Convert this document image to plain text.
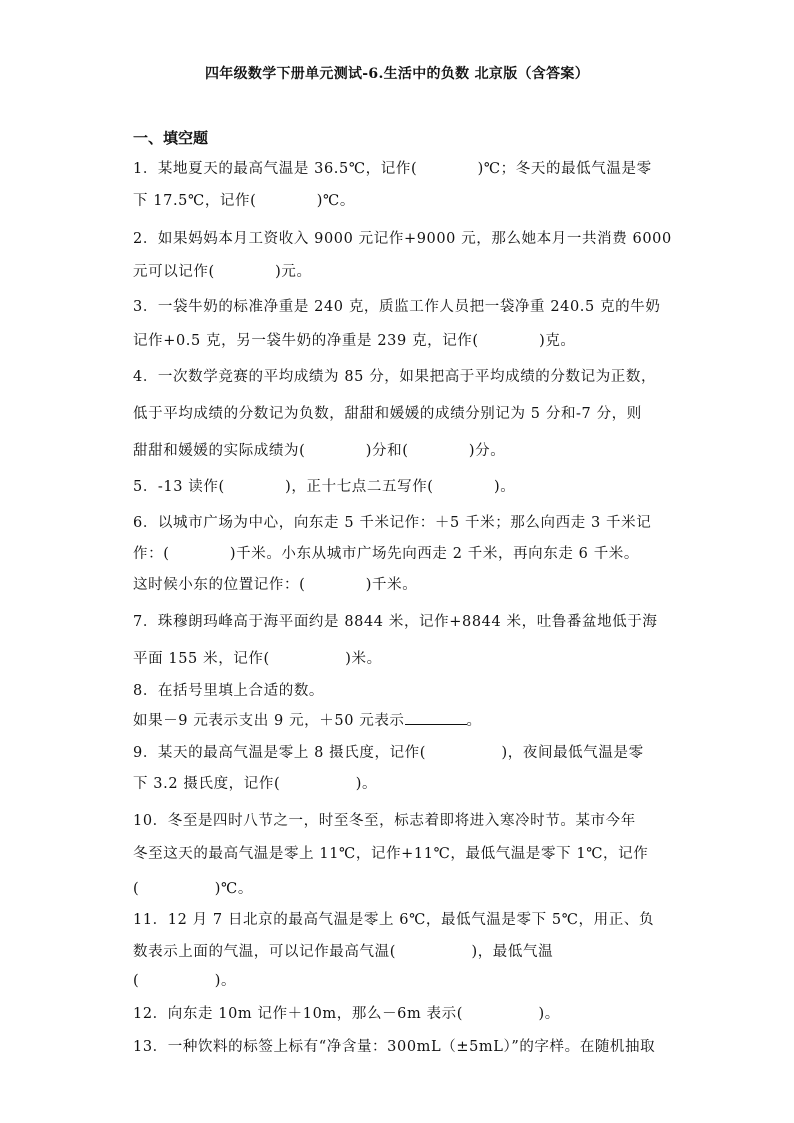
四年级数学下册单元测试-6.生活中的负数 北京版（含答案）
一、填空题
1．某地夏天的最高气温是 36.5℃，记作(　　　　)℃；冬天的最低气温是零
下 17.5℃，记作(　　　　)℃。
2．如果妈妈本月工资收入 9000 元记作+9000 元，那么她本月一共消费 6000
元可以记作(　　　　)元。
3．一袋牛奶的标准净重是 240 克，质监工作人员把一袋净重 240.5 克的牛奶
记作+0.5 克，另一袋牛奶的净重是 239 克，记作(　　　　)克。
4．一次数学竞赛的平均成绩为 85 分，如果把高于平均成绩的分数记为正数，
低于平均成绩的分数记为负数，甜甜和媛媛的成绩分别记为 5 分和-7 分，则
甜甜和媛媛的实际成绩为(　　　　)分和(　　　　)分。
5．-13 读作(　　　　)，正十七点二五写作(　　　　)。
6．以城市广场为中心，向东走 5 千米记作：＋5 千米；那么向西走 3 千米记
作：(　　　　)千米。小东从城市广场先向西走 2 千米，再向东走 6 千米。
这时候小东的位置记作：(　　　　)千米。
7．珠穆朗玛峰高于海平面约是 8844 米，记作+8844 米，吐鲁番盆地低于海
平面 155 米，记作(　　　　　)米。
8．在括号里填上合适的数。
如果－9 元表示支出 9 元，＋50 元表示	。
9．某天的最高气温是零上 8 摄氏度，记作(　　　　　)，夜间最低气温是零
下 3.2 摄氏度，记作(　　　　　)。
10．冬至是四时八节之一，时至冬至，标志着即将进入寒冷时节。某市今年
冬至这天的最高气温是零上 11℃，记作+11℃，最低气温是零下 1℃，记作
(　　　　　)℃。
11．12 月 7 日北京的最高气温是零上 6℃，最低气温是零下 5℃，用正、负
数表示上面的气温，可以记作最高气温(　　　　　)，最低气温
(　　　　　)。
12．向东走 10m 记作＋10m，那么－6m 表示(　　　　　)。
13．一种饮料的标签上标有“净含量：300mL（±5mL）”的字样。在随机抽取
